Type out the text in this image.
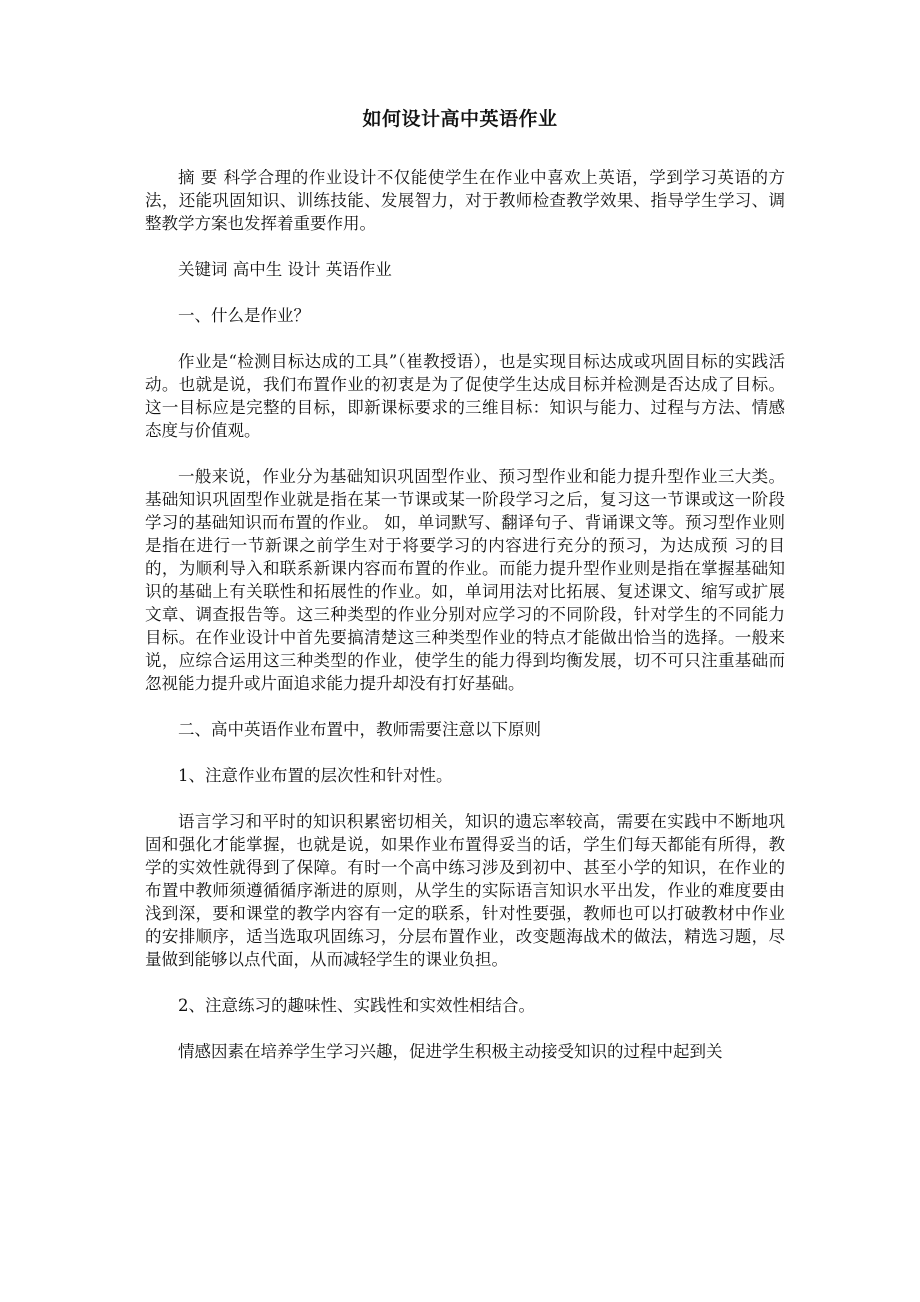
如何设计高中英语作业

摘 要 科学合理的作业设计不仅能使学生在作业中喜欢上英语，学到学习英语的方法，还能巩固知识、训练技能、发展智力，对于教师检查教学效果、指导学生学习、调整教学方案也发挥着重要作用。

关键词 高中生 设计 英语作业

一、什么是作业？

作业是“检测目标达成的工具”（崔教授语），也是实现目标达成或巩固目标的实践活动。也就是说，我们布置作业的初衷是为了促使学生达成目标并检测是否达成了目标。这一目标应是完整的目标，即新课标要求的三维目标：知识与能力、过程与方法、情感态度与价值观。

一般来说，作业分为基础知识巩固型作业、预习型作业和能力提升型作业三大类。基础知识巩固型作业就是指在某一节课或某一阶段学习之后，复习这一节课或这一阶段学习的基础知识而布置的作业。 如，单词默写、翻译句子、背诵课文等。预习型作业则是指在进行一节新课之前学生对于将要学习的内容进行充分的预习，为达成预 习的目的，为顺利导入和联系新课内容而布置的作业。而能力提升型作业则是指在掌握基础知识的基础上有关联性和拓展性的作业。如，单词用法对比拓展、复述课文、缩写或扩展文章、调查报告等。这三种类型的作业分别对应学习的不同阶段，针对学生的不同能力目标。在作业设计中首先要搞清楚这三种类型作业的特点才能做出恰当的选择。一般来说，应综合运用这三种类型的作业，使学生的能力得到均衡发展，切不可只注重基础而忽视能力提升或片面追求能力提升却没有打好基础。

二、高中英语作业布置中，教师需要注意以下原则

1、注意作业布置的层次性和针对性。

语言学习和平时的知识积累密切相关，知识的遗忘率较高，需要在实践中不断地巩固和强化才能掌握，也就是说，如果作业布置得妥当的话，学生们每天都能有所得，教学的实效性就得到了保障。有时一个高中练习涉及到初中、甚至小学的知识，在作业的布置中教师须遵循循序渐进的原则，从学生的实际语言知识水平出发，作业的难度要由浅到深，要和课堂的教学内容有一定的联系，针对性要强，教师也可以打破教材中作业的安排顺序，适当选取巩固练习，分层布置作业，改变题海战术的做法，精选习题，尽量做到能够以点代面，从而减轻学生的课业负担。

2、注意练习的趣味性、实践性和实效性相结合。

情感因素在培养学生学习兴趣，促进学生积极主动接受知识的过程中起到关
